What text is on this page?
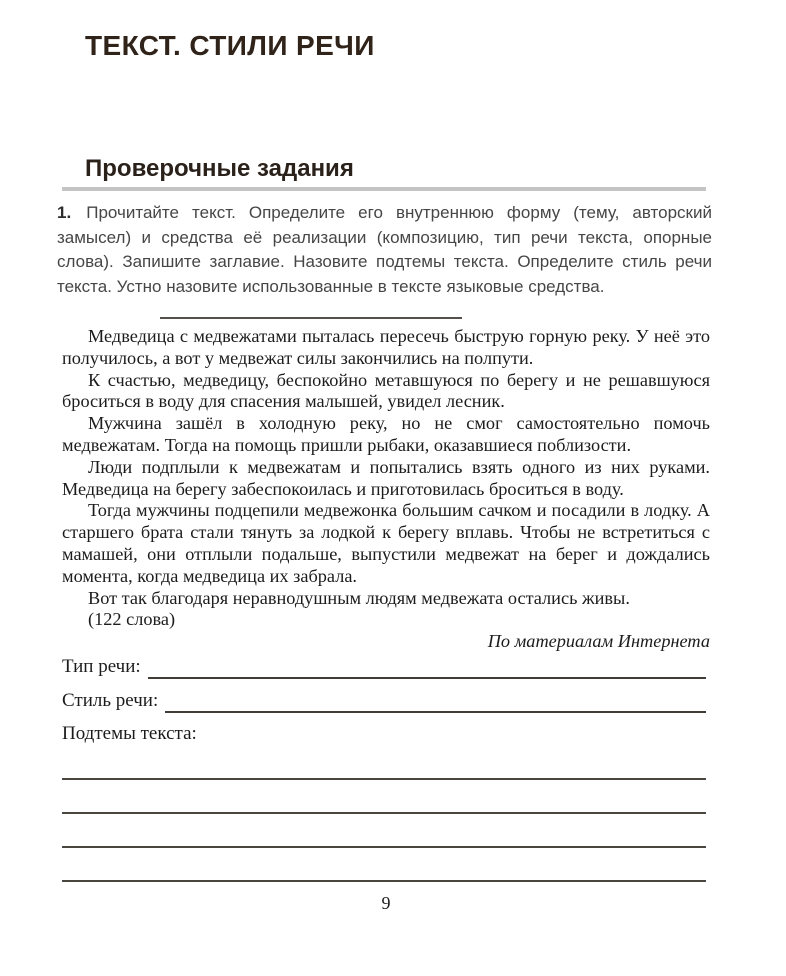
ТЕКСТ. СТИЛИ РЕЧИ
Проверочные задания

1. Прочитайте текст. Определите его внутреннюю форму (тему, авторский замысел) и средства её реализации (композицию, тип речи текста, опорные слова). Запишите заглавие. Назовите подтемы текста. Определите стиль речи текста. Устно назовите использованные в тексте языковые средства.

Медведица с медвежатами пыталась пересечь быструю горную реку. У неё это получилось, а вот у медвежат силы закончились на полпути.

К счастью, медведицу, беспокойно метавшуюся по берегу и не решавшуюся броситься в воду для спасения малышей, увидел лесник.

Мужчина зашёл в холодную реку, но не смог самостоятельно помочь медвежатам. Тогда на помощь пришли рыбаки, оказавшиеся поблизости.

Люди подплыли к медвежатам и попытались взять одного из них руками. Медведица на берегу забеспокоилась и приготовилась броситься в воду.

Тогда мужчины подцепили медвежонка большим сачком и посадили в лодку. А старшего брата стали тянуть за лодкой к берегу вплавь. Чтобы не встретиться с мамашей, они отплыли подальше, выпустили медвежат на берег и дождались момента, когда медведица их забрала.

Вот так благодаря неравнодушным людям медвежата остались живы.

(122 слова)

По материалам Интернета

Тип речи:
Стиль речи:
Подтемы текста:
9
